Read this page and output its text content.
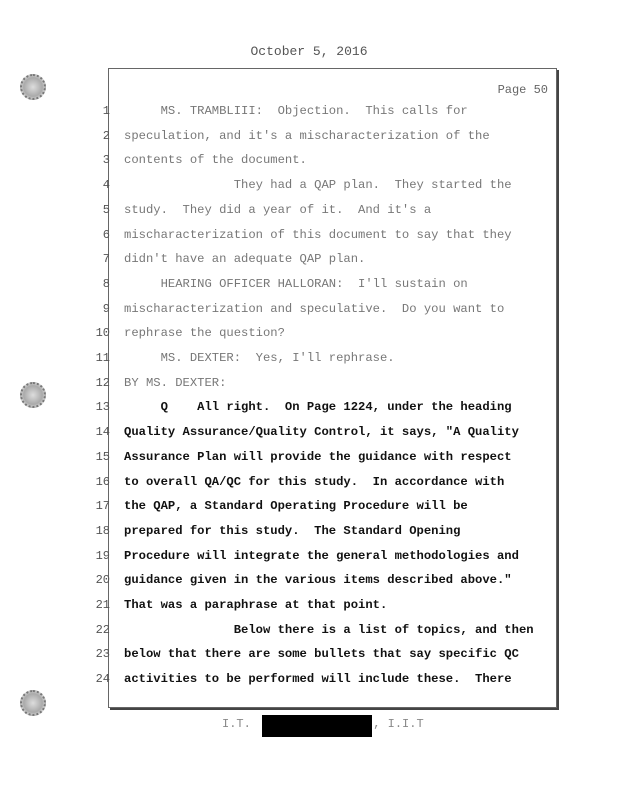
October 5, 2016
Page 50
1 MS. TRAMBLIII:  Objection.  This calls for
2 speculation, and it's a mischaracterization of the
3 contents of the document.
4 They had a QAP plan.  They started the
5 study.  They did a year of it.  And it's a
6 mischaracterization of this document to say that they
7 didn't have an adequate QAP plan.
8 HEARING OFFICER HALLORAN:  I'll sustain on
9 mischaracterization and speculative.  Do you want to
10 rephrase the question?
11 MS. DEXTER:  Yes, I'll rephrase.
12 BY MS. DEXTER:
13 Q    All right.  On Page 1224, under the heading
14 Quality Assurance/Quality Control, it says, "A Quality
15 Assurance Plan will provide the guidance with respect
16 to overall QA/QC for this study.  In accordance with
17 the QAP, a Standard Operating Procedure will be
18 prepared for this study.  The Standard Opening
19 Procedure will integrate the general methodologies and
20 guidance given in the various items described above."
21 That was a paraphrase at that point.
22 Below there is a list of topics, and then
23 below that there are some bullets that say specific QC
24 activities to be performed will include these.  There
I.T.	, I.I.T
